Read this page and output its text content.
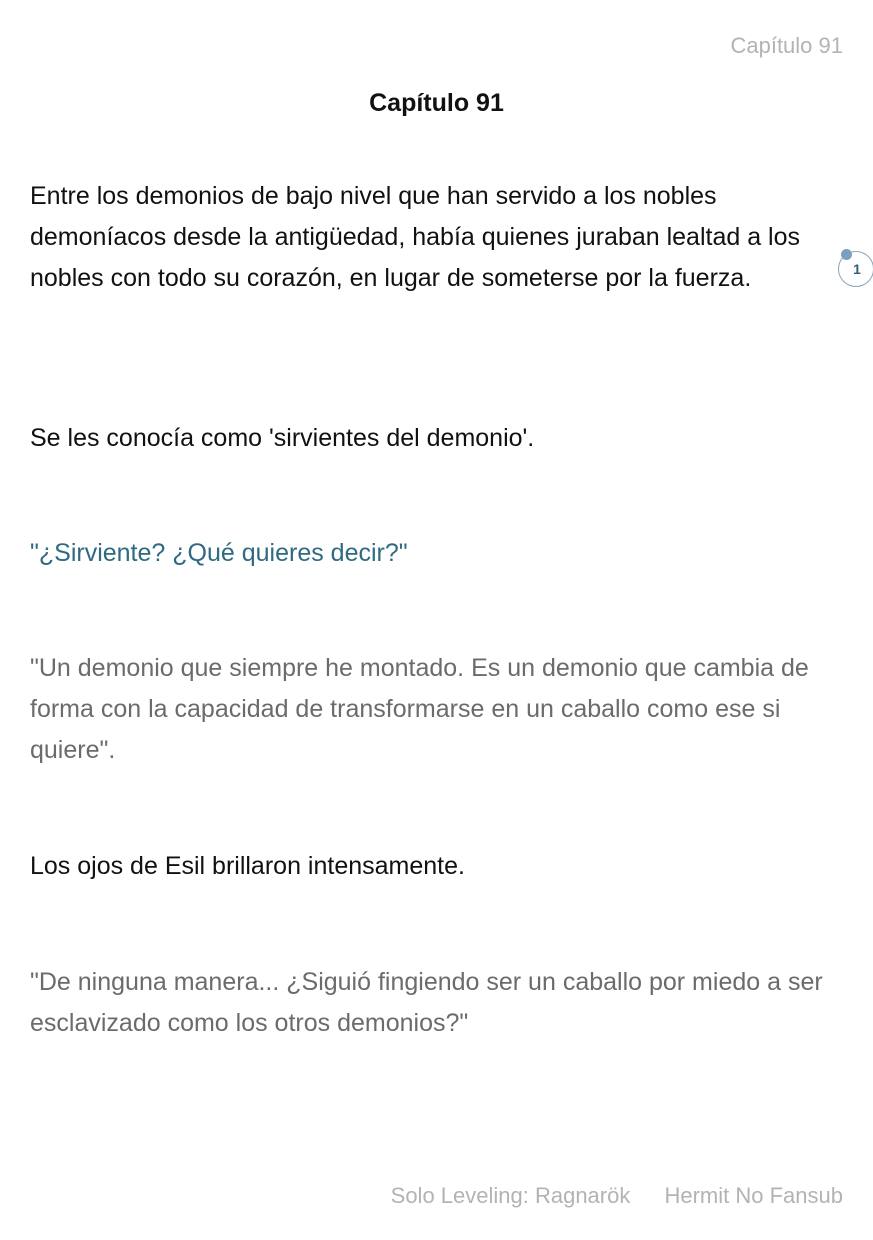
Capítulo 91
Capítulo 91

Entre los demonios de bajo nivel que han servido a los nobles demoníacos desde la antigüedad, había quienes juraban lealtad a los nobles con todo su corazón, en lugar de someterse por la fuerza.	1

Se les conocía como 'sirvientes del demonio'.

"¿Sirviente? ¿Qué quieres decir?"

"Un demonio que siempre he montado. Es un demonio que cambia de forma con la capacidad de transformarse en un caballo como ese si quiere".

Los ojos de Esil brillaron intensamente.

"De ninguna manera... ¿Siguió fingiendo ser un caballo por miedo a ser esclavizado como los otros demonios?"

Solo Leveling: Ragnarök Hermit No Fansub
